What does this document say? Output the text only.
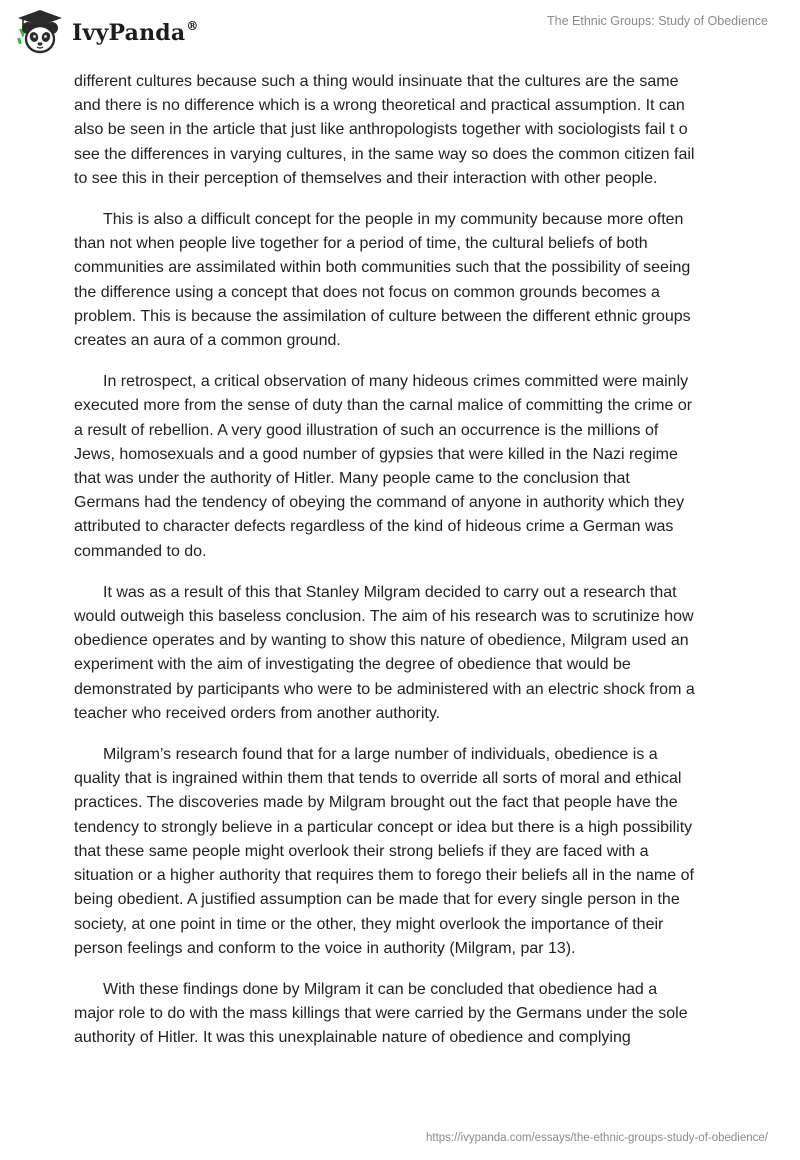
IvyPanda®	The Ethnic Groups: Study of Obedience

different cultures because such a thing would insinuate that the cultures are the same
and there is no difference which is a wrong theoretical and practical assumption. It can
also be seen in the article that just like anthropologists together with sociologists fail t o
see the differences in varying cultures, in the same way so does the common citizen fail
to see this in their perception of themselves and their interaction with other people.

This is also a difficult concept for the people in my community because more often
than not when people live together for a period of time, the cultural beliefs of both
communities are assimilated within both communities such that the possibility of seeing
the difference using a concept that does not focus on common grounds becomes a
problem. This is because the assimilation of culture between the different ethnic groups
creates an aura of a common ground.

In retrospect, a critical observation of many hideous crimes committed were mainly
executed more from the sense of duty than the carnal malice of committing the crime or
a result of rebellion. A very good illustration of such an occurrence is the millions of
Jews, homosexuals and a good number of gypsies that were killed in the Nazi regime
that was under the authority of Hitler. Many people came to the conclusion that
Germans had the tendency of obeying the command of anyone in authority which they
attributed to character defects regardless of the kind of hideous crime a German was
commanded to do.

It was as a result of this that Stanley Milgram decided to carry out a research that
would outweigh this baseless conclusion. The aim of his research was to scrutinize how
obedience operates and by wanting to show this nature of obedience, Milgram used an
experiment with the aim of investigating the degree of obedience that would be
demonstrated by participants who were to be administered with an electric shock from a
teacher who received orders from another authority.

Milgram’s research found that for a large number of individuals, obedience is a
quality that is ingrained within them that tends to override all sorts of moral and ethical
practices. The discoveries made by Milgram brought out the fact that people have the
tendency to strongly believe in a particular concept or idea but there is a high possibility
that these same people might overlook their strong beliefs if they are faced with a
situation or a higher authority that requires them to forego their beliefs all in the name of
being obedient. A justified assumption can be made that for every single person in the
society, at one point in time or the other, they might overlook the importance of their
person feelings and conform to the voice in authority (Milgram, par 13).

With these findings done by Milgram it can be concluded that obedience had a
major role to do with the mass killings that were carried by the Germans under the sole
authority of Hitler. It was this unexplainable nature of obedience and complying

https://ivypanda.com/essays/the-ethnic-groups-study-of-obedience/
